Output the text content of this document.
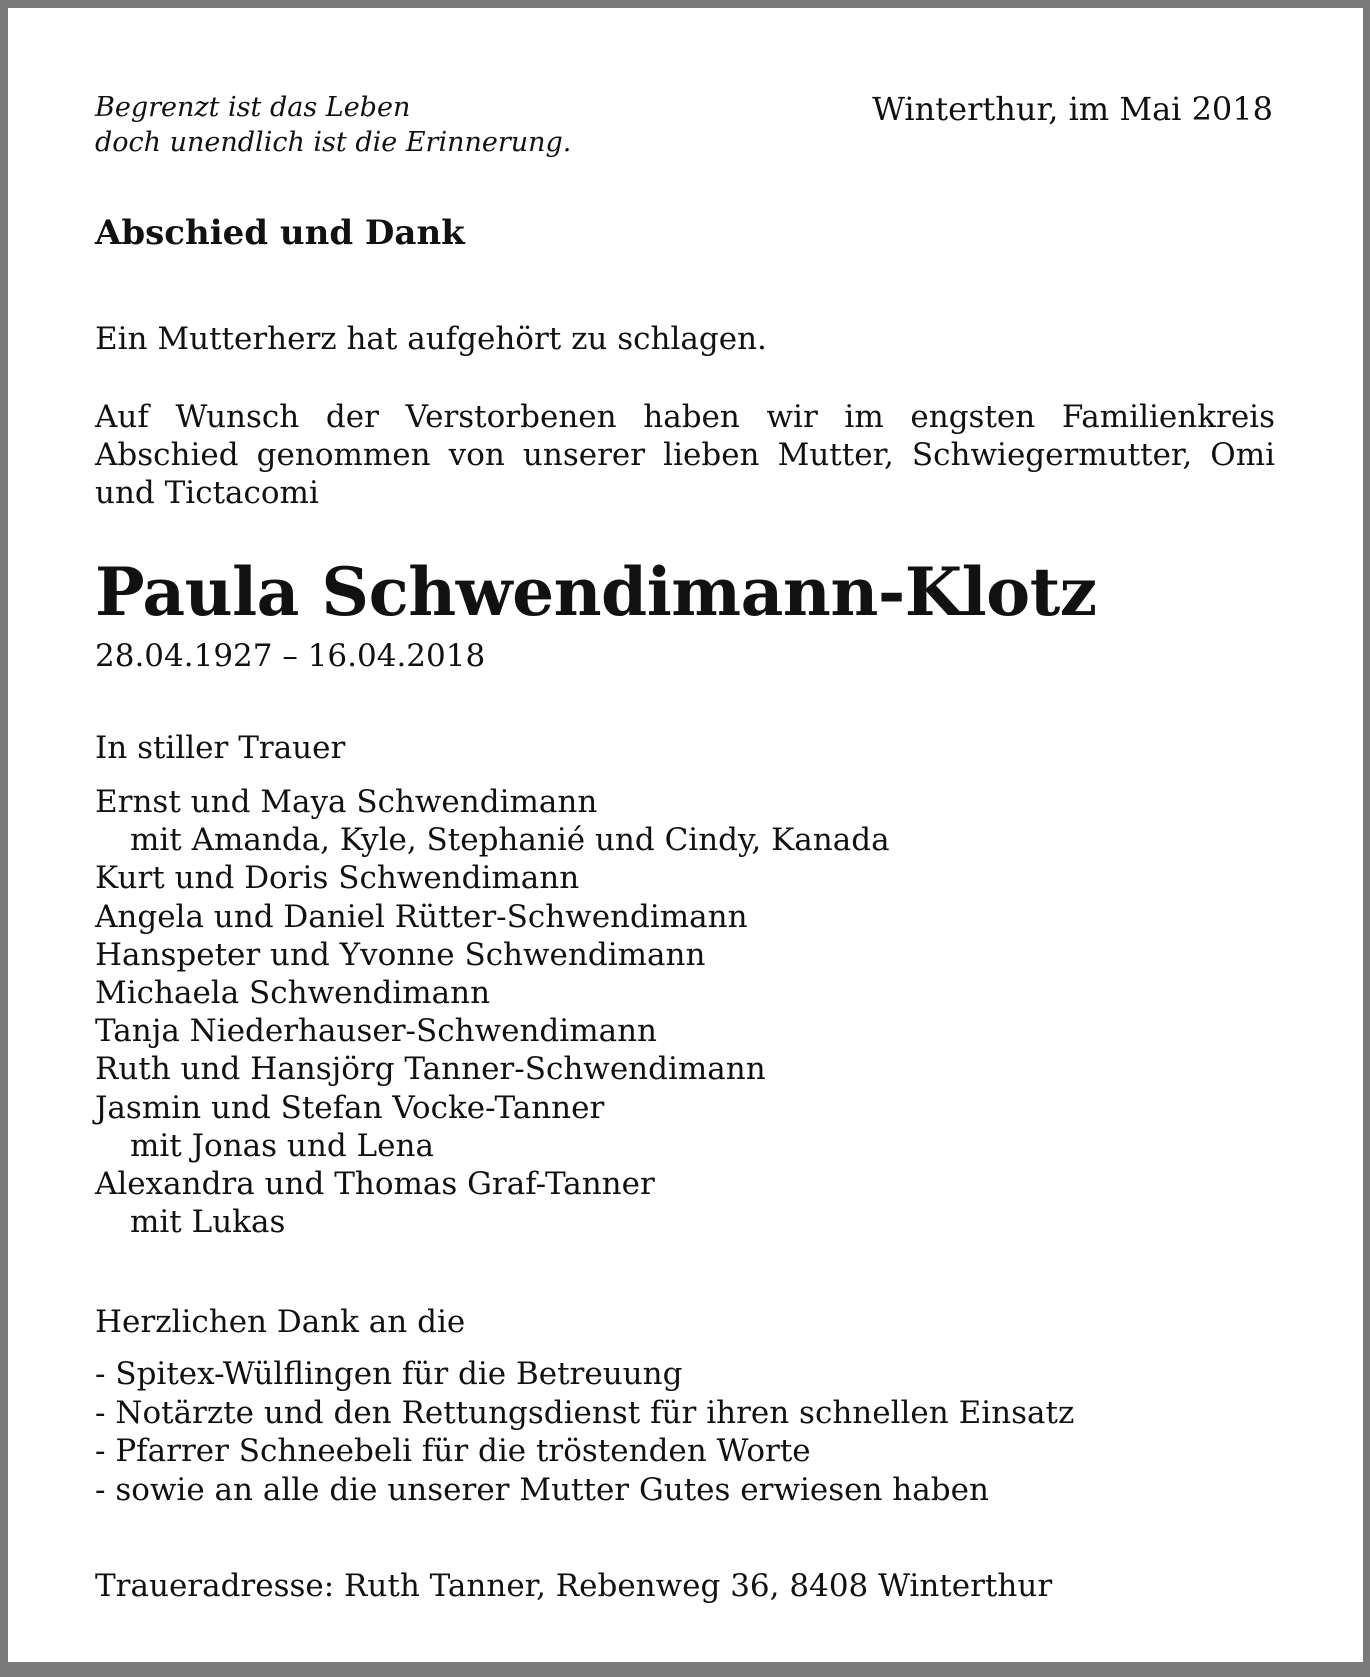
Begrenzt ist das Leben
doch unendlich ist die Erinnerung.
Winterthur, im Mai 2018
Abschied und Dank
Ein Mutterherz hat aufgehört zu schlagen.
Auf Wunsch der Verstorbenen haben wir im engsten Familienkreis Abschied genommen von unserer lieben Mutter, Schwiegermutter, Omi und Tictacomi
Paula Schwendimann-Klotz
28.04.1927 – 16.04.2018
In stiller Trauer
Ernst und Maya Schwendimann
mit Amanda, Kyle, Stephanié und Cindy, Kanada
Kurt und Doris Schwendimann
Angela und Daniel Rütter-Schwendimann
Hanspeter und Yvonne Schwendimann
Michaela Schwendimann
Tanja Niederhauser-Schwendimann
Ruth und Hansjörg Tanner-Schwendimann
Jasmin und Stefan Vocke-Tanner
mit Jonas und Lena
Alexandra und Thomas Graf-Tanner
mit Lukas
Herzlichen Dank an die
- Spitex-Wülflingen für die Betreuung
- Notärzte und den Rettungsdienst für ihren schnellen Einsatz
- Pfarrer Schneebeli für die tröstenden Worte
- sowie an alle die unserer Mutter Gutes erwiesen haben
Traueradresse: Ruth Tanner, Rebenweg 36, 8408 Winterthur
